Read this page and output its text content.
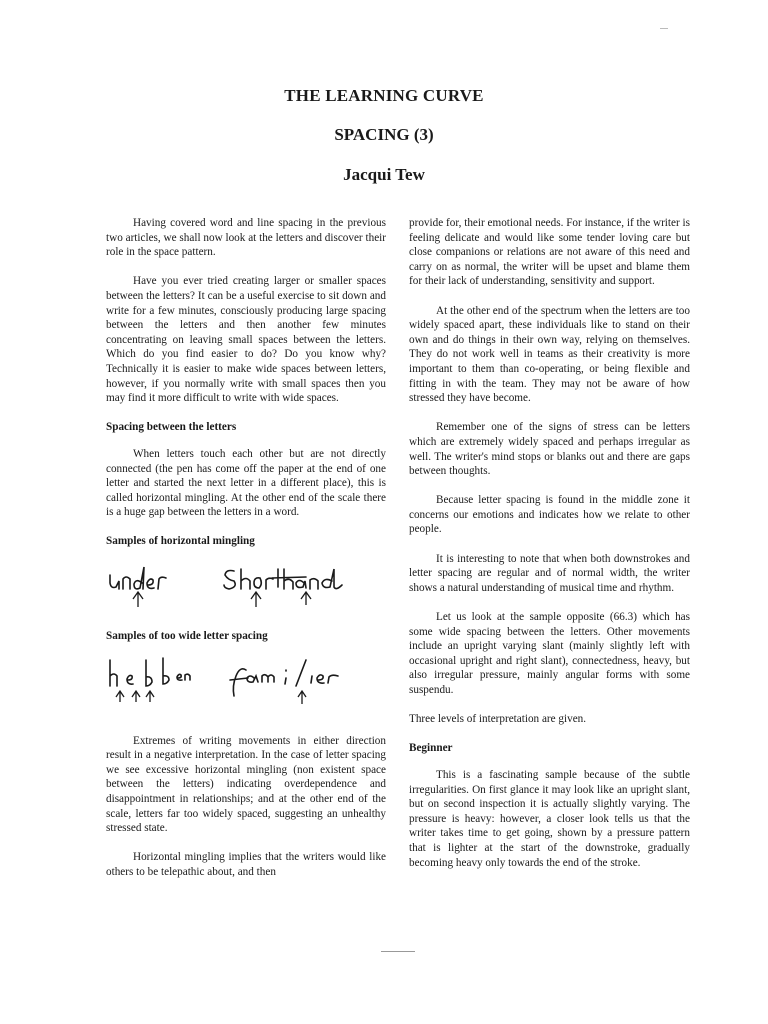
THE LEARNING CURVE
SPACING (3)
Jacqui Tew

Having covered word and line spacing in the previous two articles, we shall now look at the letters and discover their role in the space pattern.

Have you ever tried creating larger or smaller spaces between the letters? It can be a useful exercise to sit down and write for a few minutes, consciously producing large spacing between the letters and then another few minutes concentrating on leaving small spaces between the letters. Which do you find easier to do? Do you know why? Technically it is easier to make wide spaces between letters, however, if you normally write with small spaces then you may find it more difficult to write with wide spaces.

Spacing between the letters

When letters touch each other but are not directly connected (the pen has come off the paper at the end of one letter and started the next letter in a different place), this is called horizontal mingling. At the other end of the scale there is a huge gap between the letters in a word.

Samples of horizontal mingling
Samples of too wide letter spacing

Extremes of writing movements in either direction result in a negative interpretation. In the case of letter spacing we see excessive horizontal mingling (non existent space between the letters) indicating overdependence and disappointment in relationships; and at the other end of the scale, letters far too widely spaced, suggesting an unhealthy stressed state.

Horizontal mingling implies that the writers would like others to be telepathic about, and then

provide for, their emotional needs. For instance, if the writer is feeling delicate and would like some tender loving care but close companions or relations are not aware of this need and carry on as normal, the writer will be upset and blame them for their lack of understanding, sensitivity and support.

At the other end of the spectrum when the letters are too widely spaced apart, these individuals like to stand on their own and do things in their own way, relying on themselves. They do not work well in teams as their creativity is more important to them than co-operating, or being flexible and fitting in with the team. They may not be aware of how stressed they have become.

Remember one of the signs of stress can be letters which are extremely widely spaced and perhaps irregular as well. The writer's mind stops or blanks out and there are gaps between thoughts.

Because letter spacing is found in the middle zone it concerns our emotions and indicates how we relate to other people.

It is interesting to note that when both downstrokes and letter spacing are regular and of normal width, the writer shows a natural understanding of musical time and rhythm.

Let us look at the sample opposite (66.3) which has some wide spacing between the letters. Other movements include an upright varying slant (mainly slightly left with occasional upright and right slant), connectedness, heavy, but also irregular pressure, mainly angular forms with some suspendu.

Three levels of interpretation are given.

Beginner

This is a fascinating sample because of the subtle irregularities. On first glance it may look like an upright slant, but on second inspection it is actually slightly varying. The pressure is heavy: however, a closer look tells us that the writer takes time to get going, shown by a pressure pattern that is lighter at the start of the downstroke, gradually becoming heavy only towards the end of the stroke.
